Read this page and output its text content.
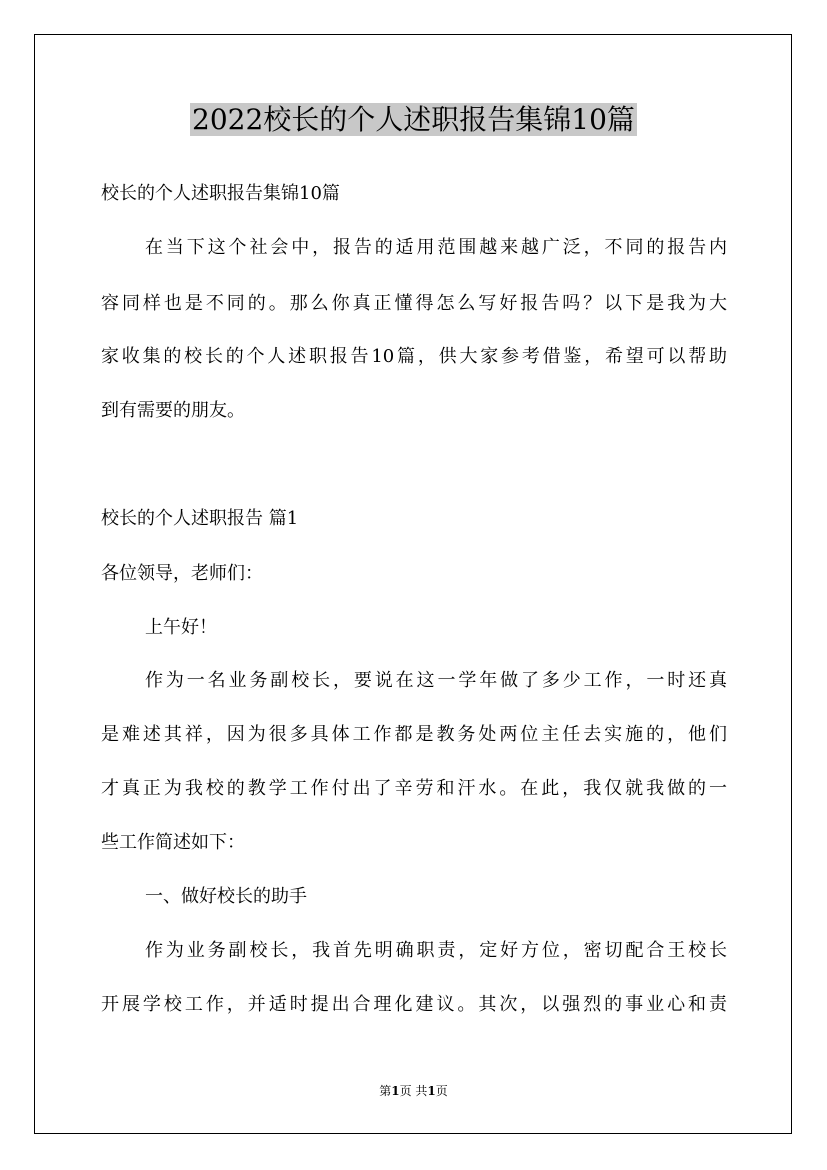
2022校长的个人述职报告集锦10篇
校长的个人述职报告集锦10篇
在当下这个社会中，报告的适用范围越来越广泛，不同的报告内
容同样也是不同的。那么你真正懂得怎么写好报告吗？以下是我为大
家收集的校长的个人述职报告10篇，供大家参考借鉴，希望可以帮助
到有需要的朋友。
校长的个人述职报告 篇1
各位领导，老师们：
上午好！
作为一名业务副校长，要说在这一学年做了多少工作，一时还真
是难述其祥，因为很多具体工作都是教务处两位主任去实施的，他们
才真正为我校的教学工作付出了辛劳和汗水。在此，我仅就我做的一
些工作简述如下：
一、做好校长的助手
作为业务副校长，我首先明确职责，定好方位，密切配合王校长
开展学校工作，并适时提出合理化建议。其次，以强烈的事业心和责
第1页 共1页
